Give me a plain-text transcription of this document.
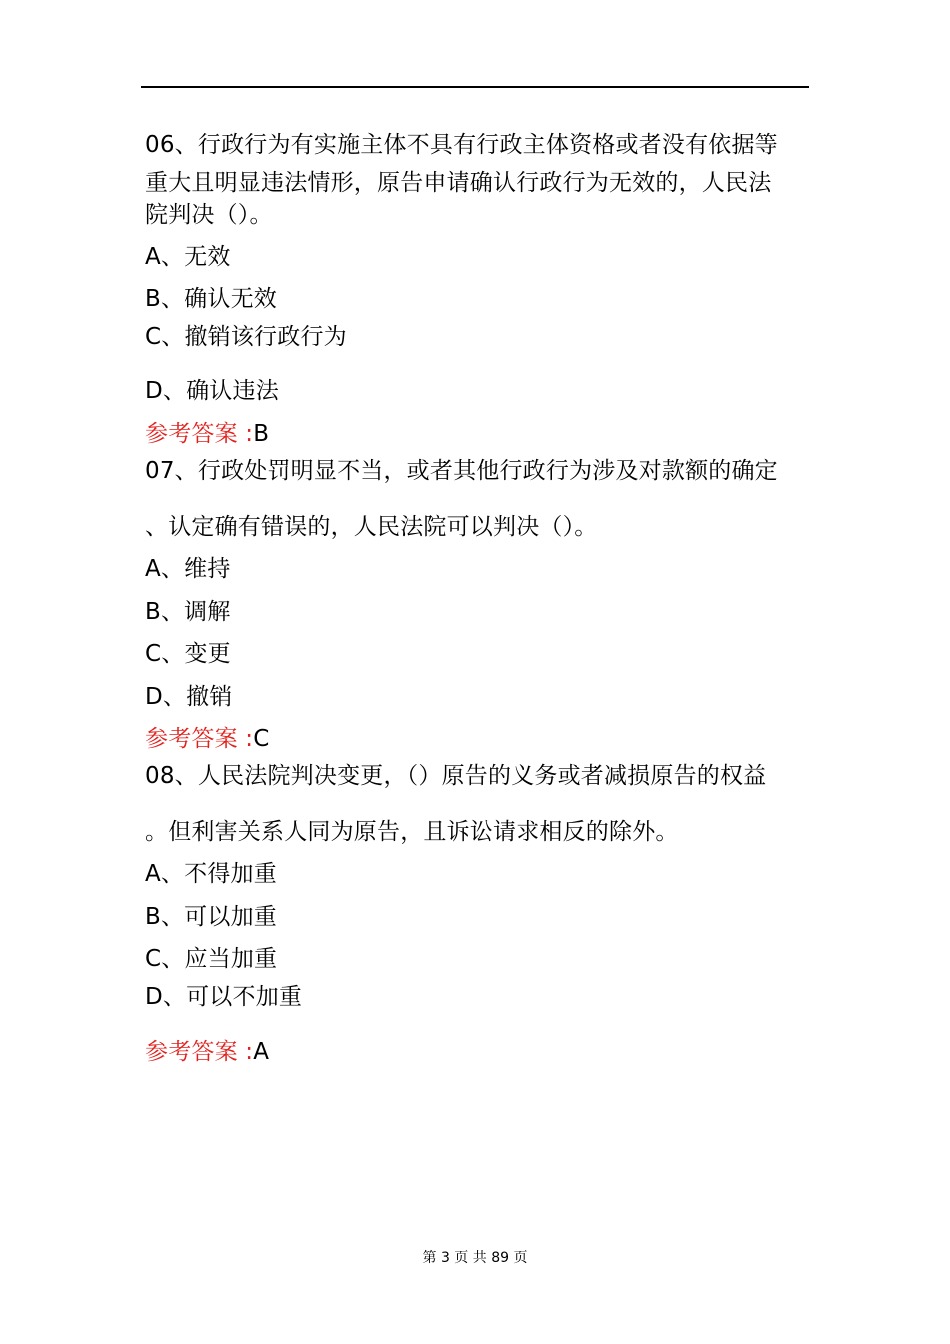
06、行政行为有实施主体不具有行政主体资格或者没有依据等
重大且明显违法情形，原告申请确认行政行为无效的，人民法
院判决（）。
A、无效
B、确认无效
C、撤销该行政行为
D、确认违法
参考答案 :B
07、行政处罚明显不当，或者其他行政行为涉及对款额的确定
、认定确有错误的，人民法院可以判决（）。
A、维持
B、调解
C、变更
D、撤销
参考答案 :C
08、人民法院判决变更，（）原告的义务或者减损原告的权益
。但利害关系人同为原告，且诉讼请求相反的除外。
A、不得加重
B、可以加重
C、应当加重
D、可以不加重
参考答案 :A
第 3 页 共 89 页
